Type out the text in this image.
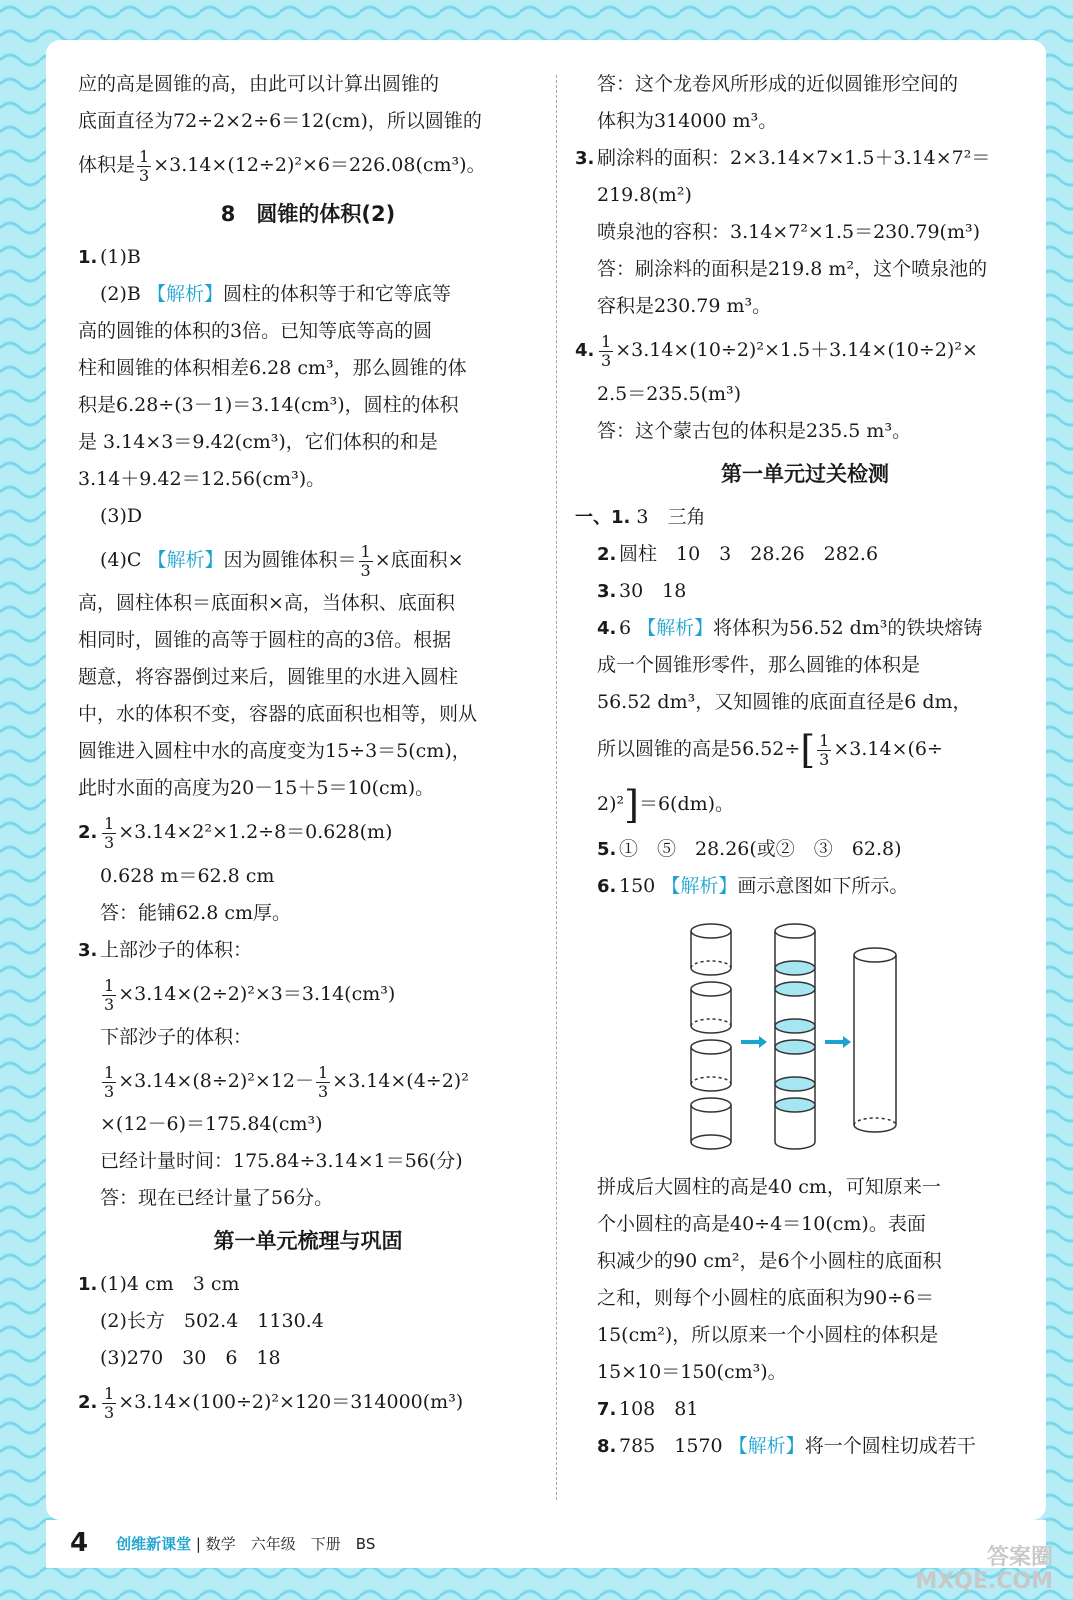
应的高是圆锥的高，由此可以计算出圆锥的
底面直径为72÷2×2÷6＝12(cm)，所以圆锥的
体积是 $\frac{1}{3} \times 3.14\times(12\div 2)^2\times 6=226.08(cm^3)$。
8　圆锥的体积(2)
1. (1)B
(2)B 【解析】圆柱的体积等于和它等底等
高的圆锥的体积的3倍。已知等底等高的圆
柱和圆锥的体积相差6.28 cm³，那么圆锥的体
积是6.28÷(3－1)＝3.14(cm³)，圆柱的体积
是 3.14×3＝9.42(cm³)，它们体积的和是
3.14＋9.42＝12.56(cm³)。
(3)D
(4)C 【解析】因为圆锥体积＝ $\frac{1}{3}$ ×底面积×
高，圆柱体积＝底面积×高，当体积、底面积
相同时，圆锥的高等于圆柱的高的3倍。根据
题意，将容器倒过来后，圆锥里的水进入圆柱
中，水的体积不变，容器的底面积也相等，则从
圆锥进入圆柱中水的高度变为15÷3＝5(cm)，
此时水面的高度为20－15＋5＝10(cm)。
2. $\frac{1}{3} \times 3.14\times 2^2\times 1.2\div 8=0.628(m)$
0.628 m＝62.8 cm
答：能铺62.8 cm厚。
3. 上部沙子的体积：
$\frac{1}{3} \times 3.14\times(2\div 2)^2\times 3=3.14(cm^3)$
下部沙子的体积：
$\frac{1}{3} \times 3.14\times(8\div 2)^2\times 12- \frac{1}{3} \times 3.14\times(4\div 2)^2$
×(12－6)＝175.84(cm³)
已经计量时间：175.84÷3.14×1＝56(分)
答：现在已经计量了56分。
第一单元梳理与巩固
1. (1)4 cm　3 cm
(2)长方　502.4　1130.4
(3)270　30　6　18
2. $\frac{1}{3} \times 3.14\times(100\div 2)^2\times 120=314000(m^3)$
答：这个龙卷风所形成的近似圆锥形空间的
体积为314000 m³。
3. 刷涂料的面积：2×3.14×7×1.5＋3.14×7²＝
219.8(m²)
喷泉池的容积：3.14×7²×1.5＝230.79(m³)
答：刷涂料的面积是219.8 m²，这个喷泉池的
容积是230.79 m³。
4. $\frac{1}{3} \times 3.14\times(10\div 2)^2\times 1.5+3.14\times(10\div 2)^2\times$
2.5＝235.5(m³)
答：这个蒙古包的体积是235.5 m³。
第一单元过关检测
一、1. 3　三角
2. 圆柱　10　3　28.26　282.6
3. 30　18
4. 6 【解析】将体积为56.52 dm³的铁块熔铸
成一个圆锥形零件，那么圆锥的体积是
56.52 dm³，又知圆锥的底面直径是6 dm，
所以圆锥的高是$56.52\div[ \frac{1}{3} \times 3.14\times(6\div$
2)²]＝6(dm)。
5. ①　⑤　28.26(或②　③　62.8)
6. 150 【解析】画示意图如下所示。
拼成后大圆柱的高是40 cm，可知原来一
个小圆柱的高是40÷4＝10(cm)。表面
积减少的90 cm²，是6个小圆柱的底面积
之和，则每个小圆柱的底面积为90÷6＝
15(cm²)，所以原来一个小圆柱的体积是
15×10＝150(cm³)。
7. 108　81
8. 785　1570 【解析】将一个圆柱切成若干
4 创维新课堂 | 数学　 六年级　 下册　 BS
答案圈
MXQE.COM
